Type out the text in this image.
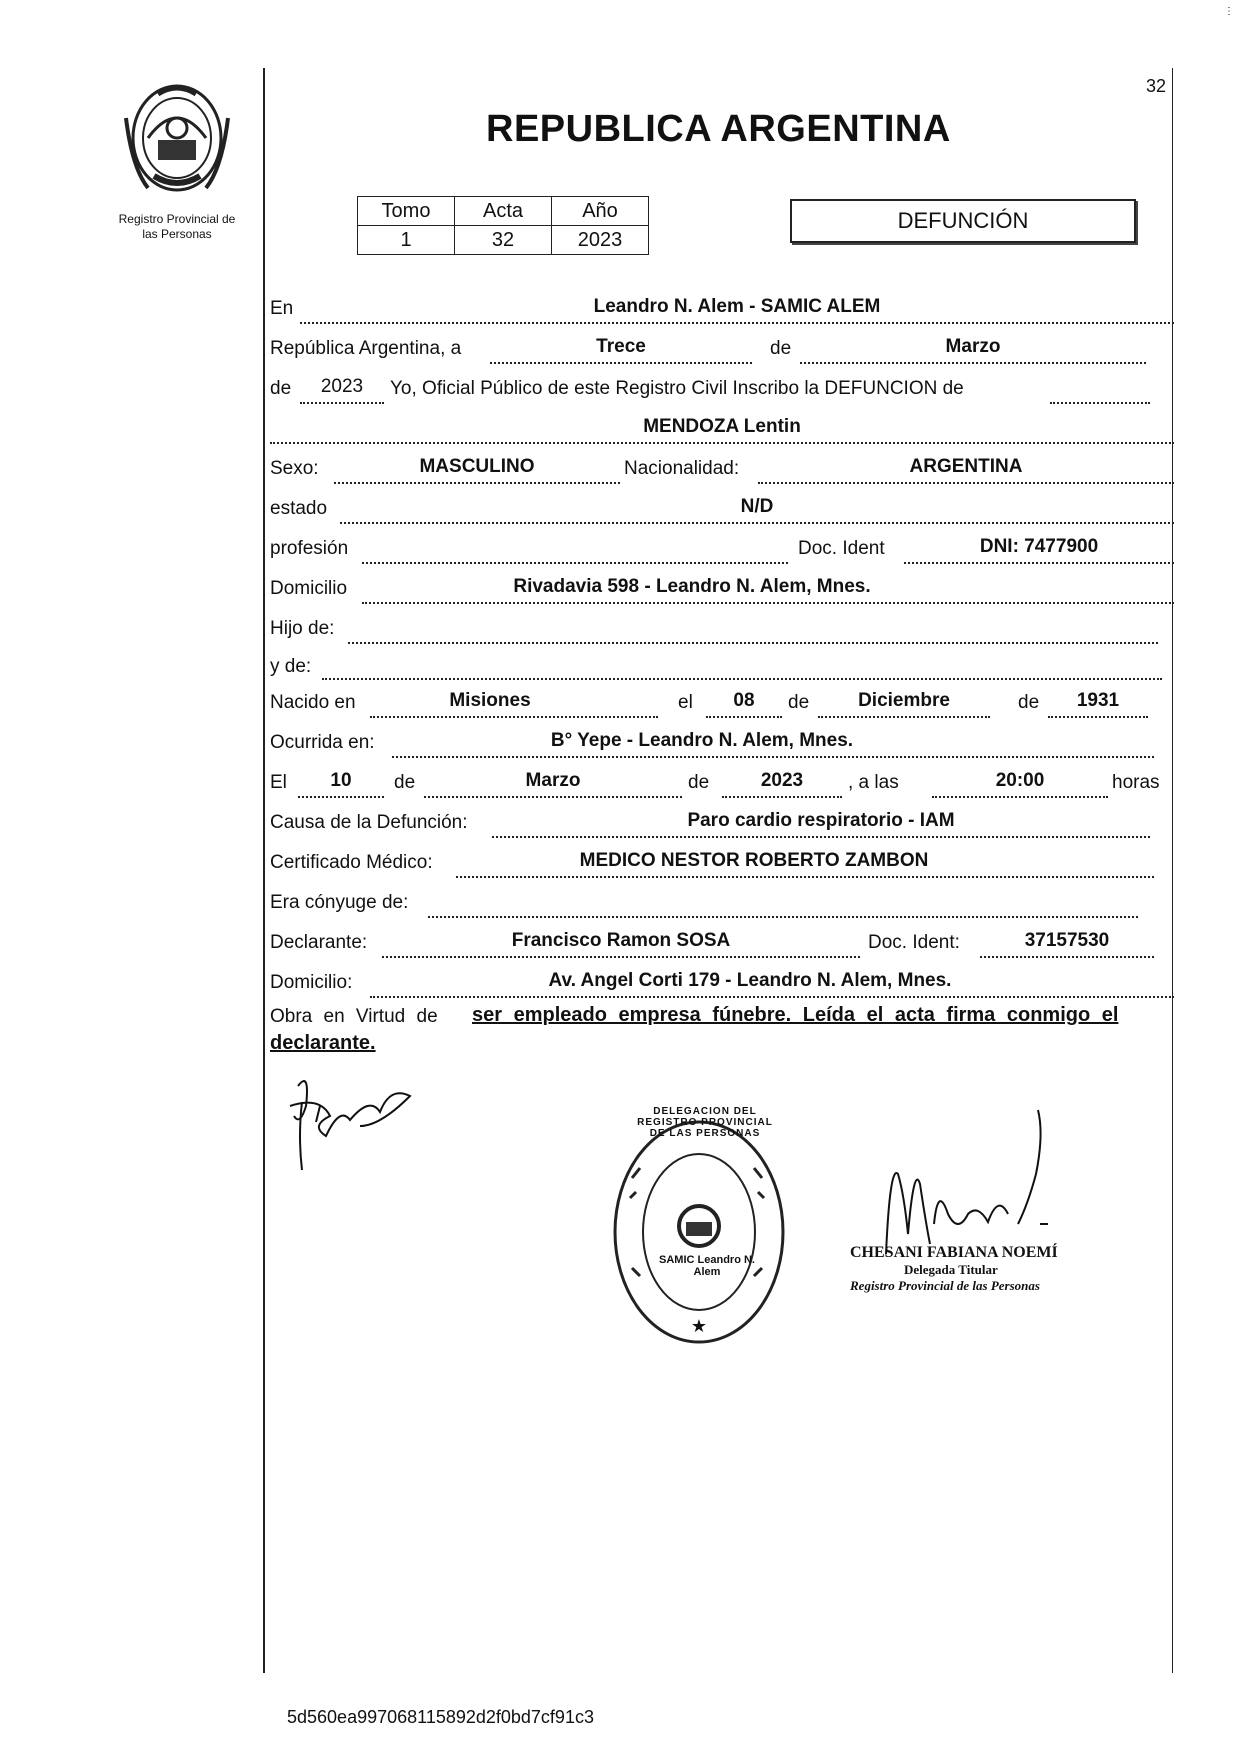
⋮
32
Registro Provincial de
las Personas
REPUBLICA ARGENTINA
Tomo	Acta	Año
1	32	2023
DEFUNCIÓN
En	Leandro N. Alem - SAMIC ALEM
República Argentina, a	Trece	de	Marzo
de	2023	Yo, Oficial Público de este Registro Civil Inscribo la DEFUNCION de
MENDOZA Lentin
Sexo:	MASCULINO	Nacionalidad:	ARGENTINA
estado	N/D
profesión	Doc. Ident	DNI: 7477900
Domicilio	Rivadavia 598 - Leandro N. Alem, Mnes.
Hijo de:
y de:
Nacido en	Misiones	el	08	de	Diciembre	de	1931
Ocurrida en:	B° Yepe - Leandro N. Alem, Mnes.
El	10	de	Marzo	de	2023	, a las	20:00	horas
Causa de la Defunción:	Paro cardio respiratorio - IAM
Certificado Médico:	MEDICO NESTOR ROBERTO ZAMBON
Era cónyuge de:
Declarante:	Francisco Ramon SOSA	Doc. Ident:	37157530
Domicilio:	Av. Angel Corti 179 - Leandro N. Alem, Mnes.
Obra en Virtud de ser empleado empresa fúnebre. Leída el acta firma conmigo el
declarante.
★
DELEGACION DEL REGISTRO PROVINCIAL DE LAS PERSONAS
SAMIC Leandro N. Alem
CHESANI FABIANA NOEMÍ
Delegada Titular
Registro Provincial de las Personas
5d560ea997068115892d2f0bd7cf91c3
